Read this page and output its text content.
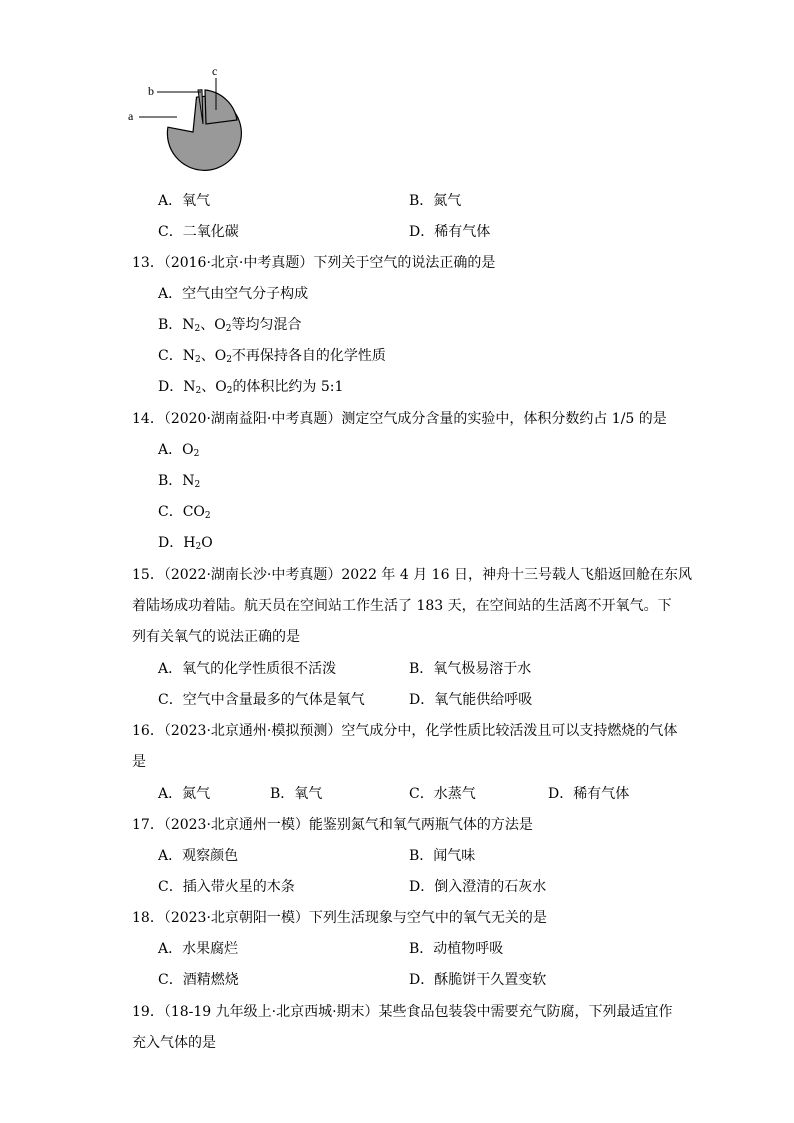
a
b
c
A．氧气	B．氮气
C．二氧化碳	D．稀有气体
13．（2016·北京·中考真题）下列关于空气的说法正确的是
A．空气由空气分子构成
B．$N_2$、$O_2$等均匀混合
C．$N_2$、$O_2$不再保持各自的化学性质
D．$N_2$、$O_2$的体积比约为 5:1
14．（2020·湖南益阳·中考真题）测定空气成分含量的实验中，体积分数约占 1/5 的是
A．$O_2$
B．$N_2$
C．$CO_2$
D．$H_2O$
15．（2022·湖南长沙·中考真题）2022 年 4 月 16 日，神舟十三号载人飞船返回舱在东风
着陆场成功着陆。航天员在空间站工作生活了 183 天，在空间站的生活离不开氧气。下
列有关氧气的说法正确的是
A．氧气的化学性质很不活泼	B．氧气极易溶于水
C．空气中含量最多的气体是氧气	D．氧气能供给呼吸
16．（2023·北京通州·模拟预测）空气成分中，化学性质比较活泼且可以支持燃烧的气体
是
A．氮气	B．氧气	C．水蒸气	D．稀有气体
17．（2023·北京通州一模）能鉴别氮气和氧气两瓶气体的方法是
A．观察颜色	B．闻气味
C．插入带火星的木条	D．倒入澄清的石灰水
18．（2023·北京朝阳一模）下列生活现象与空气中的氧气无关的是
A．水果腐烂	B．动植物呼吸
C．酒精燃烧	D．酥脆饼干久置变软
19．（18-19 九年级上·北京西城·期末）某些食品包装袋中需要充气防腐，下列最适宜作
充入气体的是
